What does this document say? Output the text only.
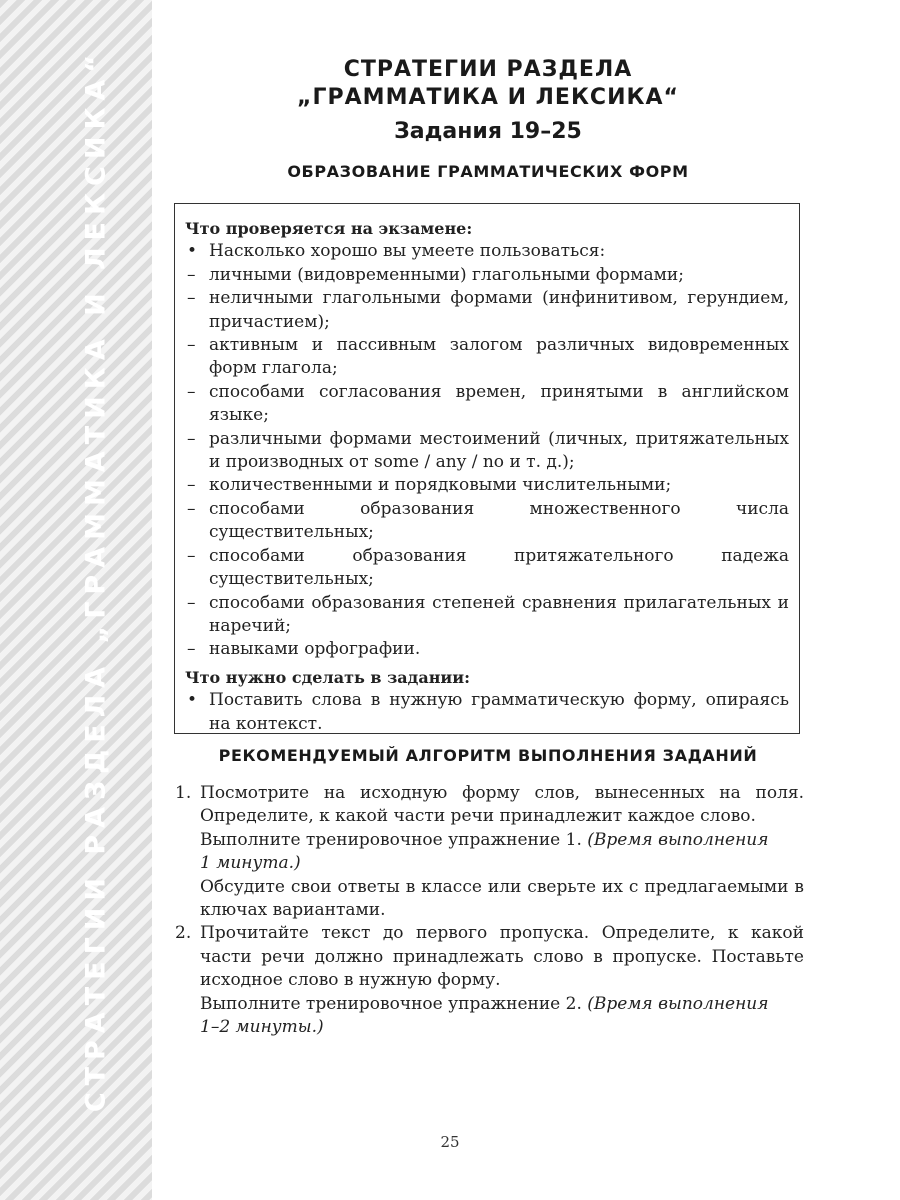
СТРАТЕГИИ РАЗДЕЛА „ГРАММАТИКА И ЛЕКСИКА“	СТРАТЕГИИ РАЗДЕЛА
„ГРАММАТИКА И ЛЕКСИКА“
Задания 19–25
ОБРАЗОВАНИЕ ГРАММАТИЧЕСКИХ ФОРМ
Что проверяется на экзамене:
• Насколько хорошо вы умеете пользоваться:
– личными (видовременными) глагольными формами;
– неличными глагольными формами (инфинитивом, герундием, причастием);
– активным и пассивным залогом различных видовременных форм глагола;
– способами согласования времен, принятыми в английском языке;
– различными формами местоимений (личных, притяжательных и производных от some / any / no и т. д.);
– количественными и порядковыми числительными;
– способами образования множественного числа существительных;
– способами образования притяжательного падежа существительных;
– способами образования степеней сравнения прилагательных и наречий;
– навыками орфографии.
Что нужно сделать в задании:
• Поставить слова в нужную грамматическую форму, опираясь на контекст.
РЕКОМЕНДУЕМЫЙ АЛГОРИТМ ВЫПОЛНЕНИЯ ЗАДАНИЙ
1. Посмотрите на исходную форму слов, вынесенных на поля. Определите, к какой части речи принадлежит каждое слово.

Выполните тренировочное упражнение 1. (Время выполнения
1 минута.)

Обсудите свои ответы в классе или сверьте их с предлагаемыми в ключах вариантами.

2. Прочитайте текст до первого пропуска. Определите, к какой части речи должно принадлежать слово в пропуске. Поставьте исходное слово в нужную форму.

Выполните тренировочное упражнение 2. (Время выполнения
1–2 минуты.)

25
